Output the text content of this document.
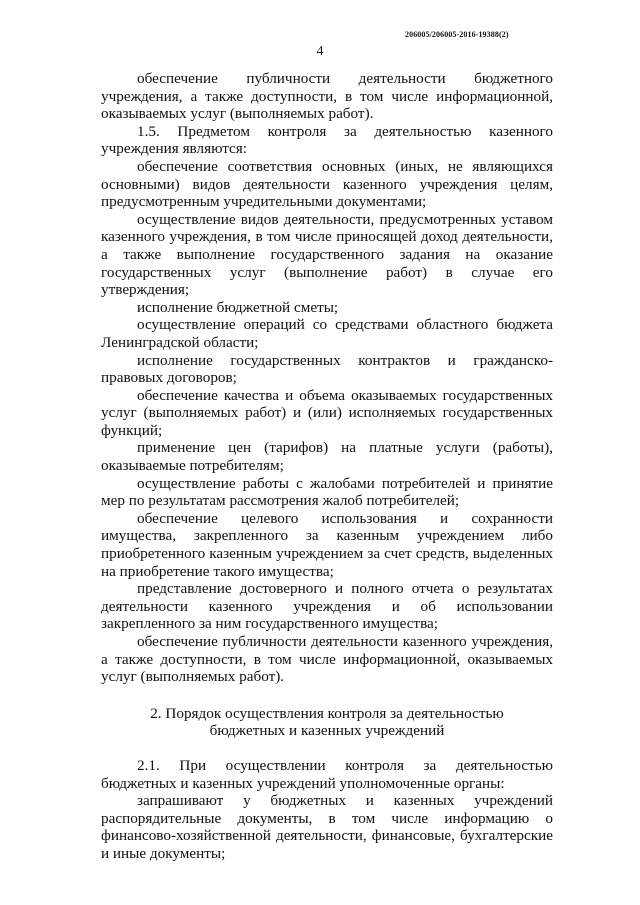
206005/206005-2016-19388(2)
4

обеспечение публичности деятельности бюджетного учреждения, а также доступности, в том числе информационной, оказываемых услуг (выполняемых работ).

1.5. Предметом контроля за деятельностью казенного учреждения являются:

обеспечение соответствия основных (иных, не являющихся основными) видов деятельности казенного учреждения целям, предусмотренным учредительными документами;

осуществление видов деятельности, предусмотренных уставом казенного учреждения, в том числе приносящей доход деятельности, а также выполнение государственного задания на оказание государственных услуг (выполнение работ) в случае его утверждения;

исполнение бюджетной сметы;

осуществление операций со средствами областного бюджета Ленинградской области;

исполнение государственных контрактов и гражданско-правовых договоров;

обеспечение качества и объема оказываемых государственных услуг (выполняемых работ) и (или) исполняемых государственных функций;

применение цен (тарифов) на платные услуги (работы), оказываемые потребителям;

осуществление работы с жалобами потребителей и принятие мер по результатам рассмотрения жалоб потребителей;

обеспечение целевого использования и сохранности имущества, закрепленного за казенным учреждением либо приобретенного казенным учреждением за счет средств, выделенных на приобретение такого имущества;

представление достоверного и полного отчета о результатах деятельности казенного учреждения и об использовании закрепленного за ним государственного имущества;

обеспечение публичности деятельности казенного учреждения, а также доступности, в том числе информационной, оказываемых услуг (выполняемых работ).

2. Порядок осуществления контроля за деятельностью

бюджетных и казенных учреждений

2.1. При осуществлении контроля за деятельностью бюджетных и казенных учреждений уполномоченные органы:

запрашивают у бюджетных и казенных учреждений распорядительные документы, в том числе информацию о финансово-хозяйственной деятельности, финансовые, бухгалтерские и иные документы;
